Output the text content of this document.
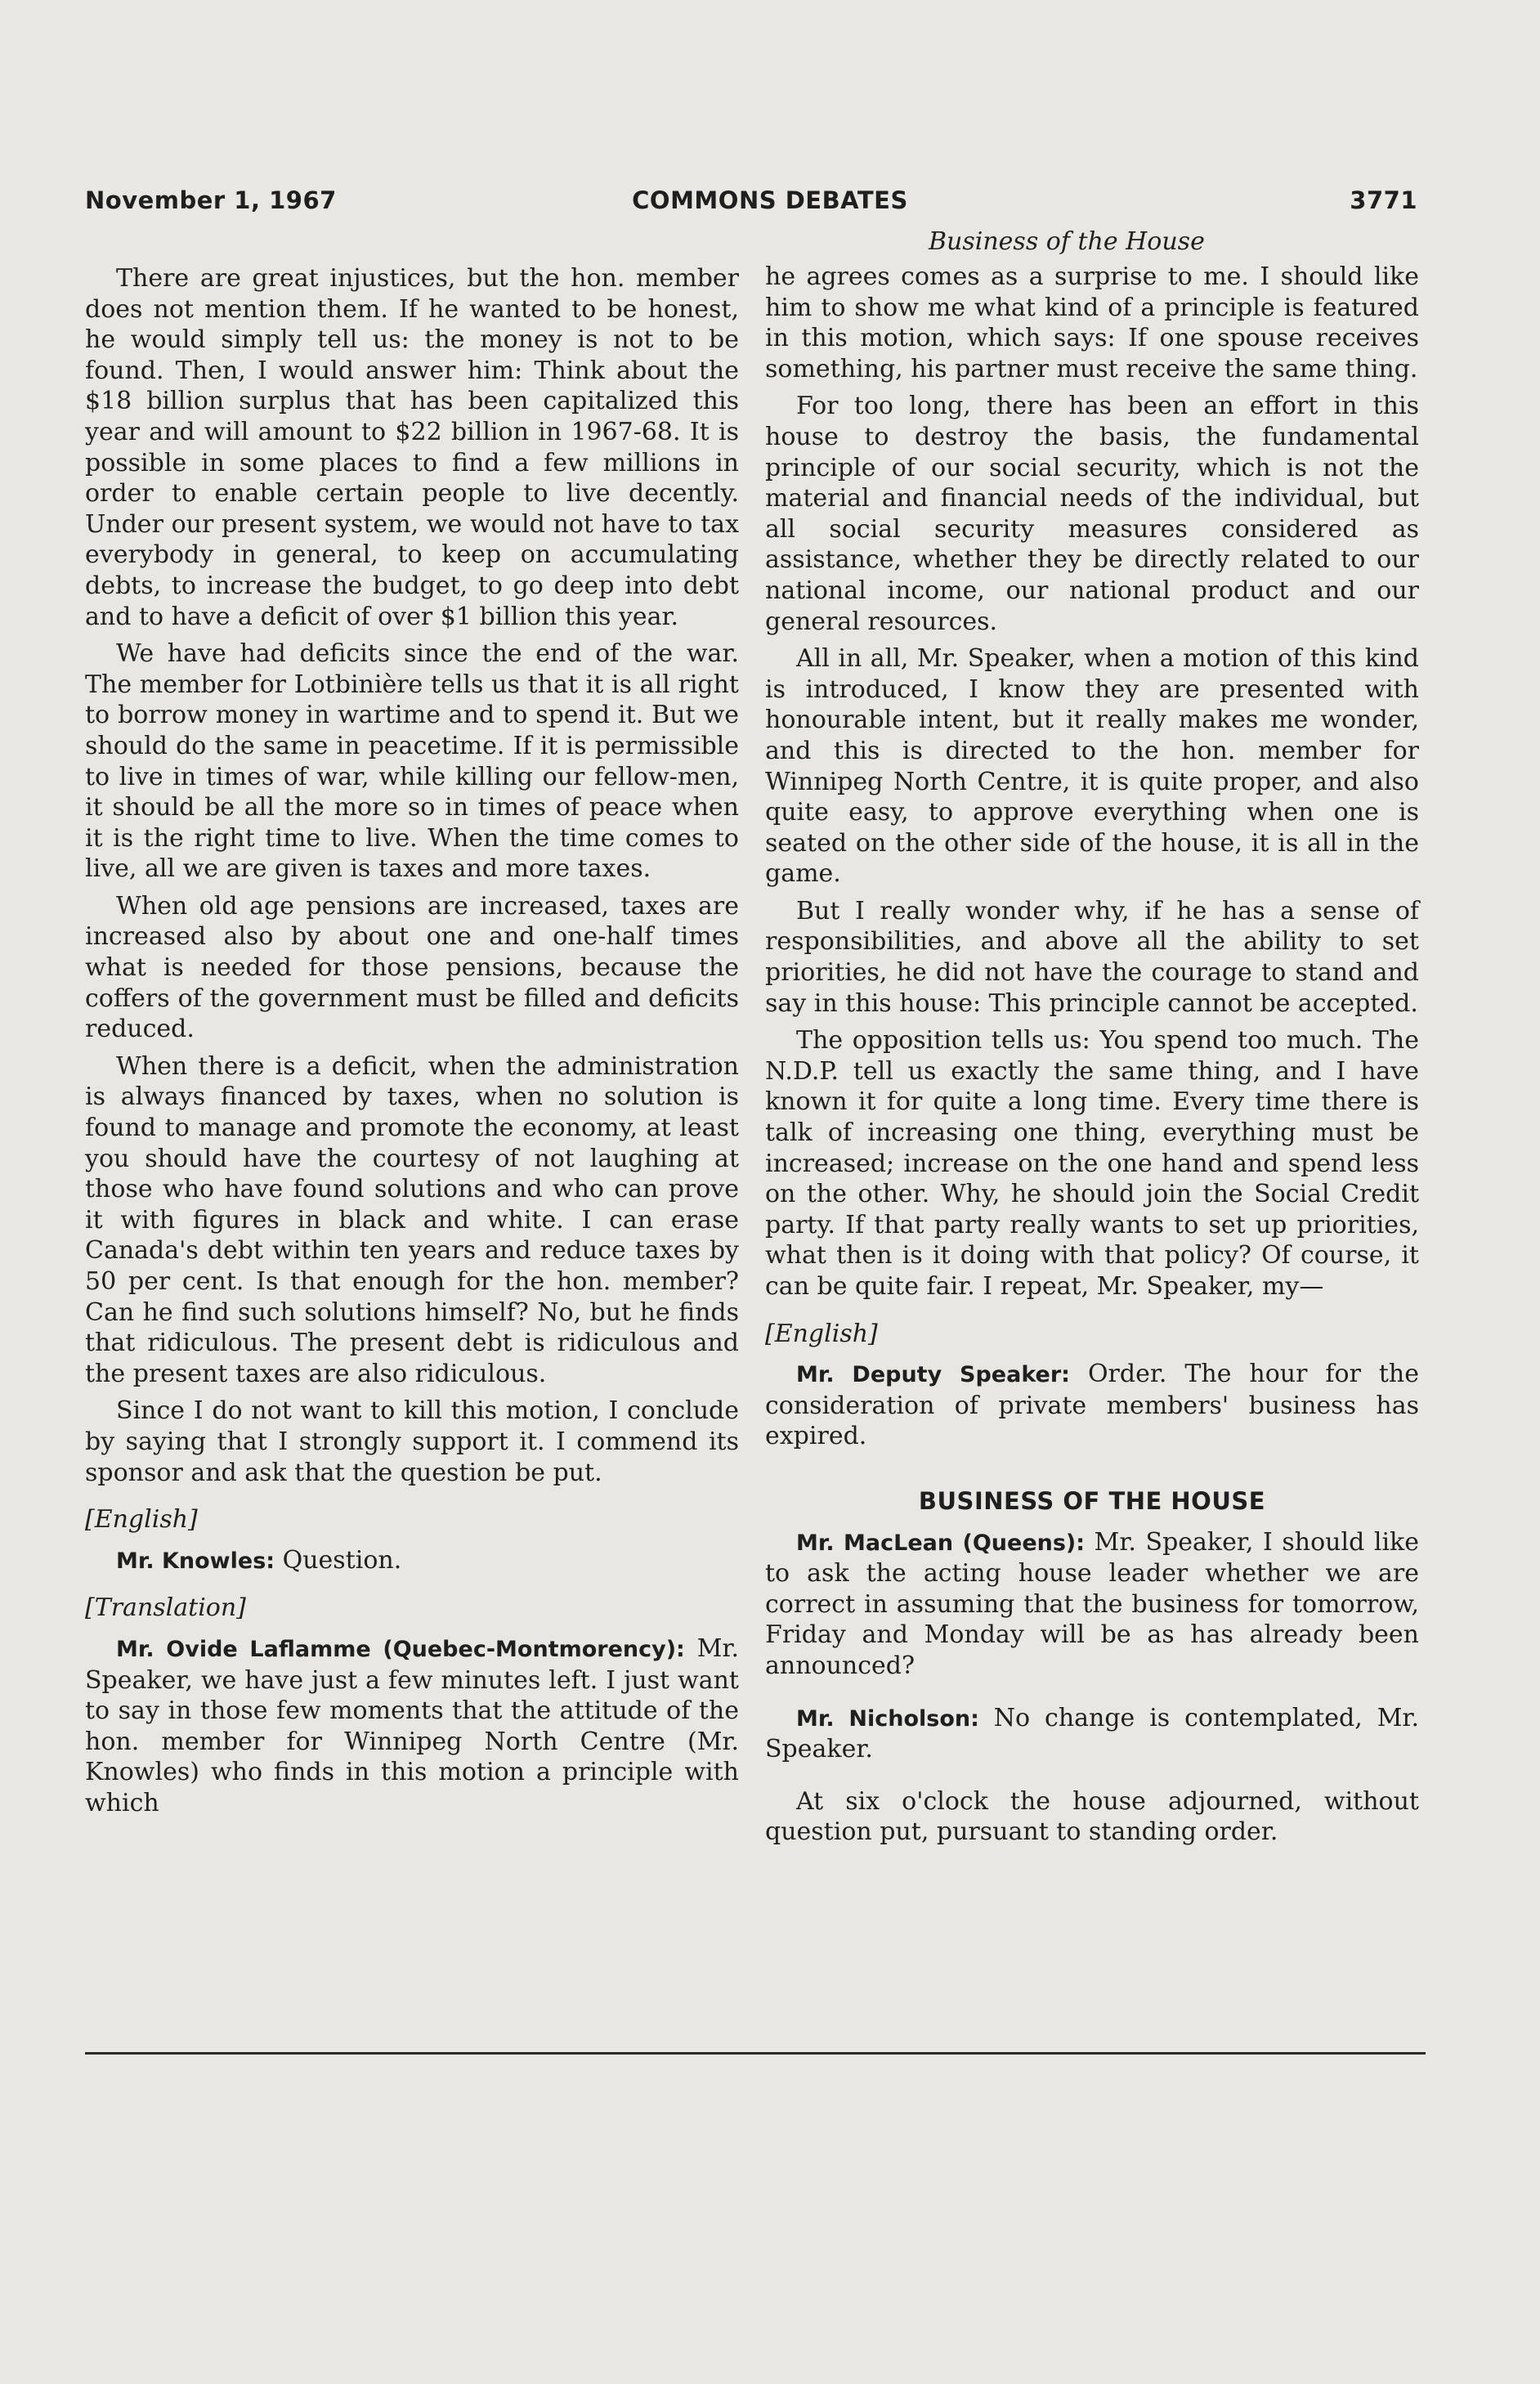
November 1, 1967	COMMONS DEBATES	3771
Business of the House

There are great injustices, but the hon. member does not mention them. If he wanted to be honest, he would simply tell us: the money is not to be found. Then, I would answer him: Think about the $18 billion surplus that has been capitalized this year and will amount to $22 billion in 1967-68. It is possible in some places to find a few millions in order to enable certain people to live decently. Under our present system, we would not have to tax everybody in general, to keep on accumulating debts, to increase the budget, to go deep into debt and to have a deficit of over $1 billion this year.

We have had deficits since the end of the war. The member for Lotbinière tells us that it is all right to borrow money in wartime and to spend it. But we should do the same in peacetime. If it is permissible to live in times of war, while killing our fellow-men, it should be all the more so in times of peace when it is the right time to live. When the time comes to live, all we are given is taxes and more taxes.

When old age pensions are increased, taxes are increased also by about one and one-half times what is needed for those pensions, because the coffers of the government must be filled and deficits reduced.

When there is a deficit, when the administration is always financed by taxes, when no solution is found to manage and promote the economy, at least you should have the courtesy of not laughing at those who have found solutions and who can prove it with figures in black and white. I can erase Canada's debt within ten years and reduce taxes by 50 per cent. Is that enough for the hon. member? Can he find such solutions himself? No, but he finds that ridiculous. The present debt is ridiculous and the present taxes are also ridiculous.

Since I do not want to kill this motion, I conclude by saying that I strongly support it. I commend its sponsor and ask that the question be put.

[English]

Mr. Knowles: Question.

[Translation]

Mr. Ovide Laflamme (Quebec-Montmorency): Mr. Speaker, we have just a few minutes left. I just want to say in those few moments that the attitude of the hon. member for Winnipeg North Centre (Mr. Knowles) who finds in this motion a principle with which

he agrees comes as a surprise to me. I should like him to show me what kind of a principle is featured in this motion, which says: If one spouse receives something, his partner must receive the same thing.

For too long, there has been an effort in this house to destroy the basis, the fundamental principle of our social security, which is not the material and financial needs of the individual, but all social security measures considered as assistance, whether they be directly related to our national income, our national product and our general resources.

All in all, Mr. Speaker, when a motion of this kind is introduced, I know they are presented with honourable intent, but it really makes me wonder, and this is directed to the hon. member for Winnipeg North Centre, it is quite proper, and also quite easy, to approve everything when one is seated on the other side of the house, it is all in the game.

But I really wonder why, if he has a sense of responsibilities, and above all the ability to set priorities, he did not have the courage to stand and say in this house: This principle cannot be accepted.

The opposition tells us: You spend too much. The N.D.P. tell us exactly the same thing, and I have known it for quite a long time. Every time there is talk of increasing one thing, everything must be increased; increase on the one hand and spend less on the other. Why, he should join the Social Credit party. If that party really wants to set up priorities, what then is it doing with that policy? Of course, it can be quite fair. I repeat, Mr. Speaker, my—

[English]

Mr. Deputy Speaker: Order. The hour for the consideration of private members' business has expired.

BUSINESS OF THE HOUSE

Mr. MacLean (Queens): Mr. Speaker, I should like to ask the acting house leader whether we are correct in assuming that the business for tomorrow, Friday and Monday will be as has already been announced?

Mr. Nicholson: No change is contemplated, Mr. Speaker.

At six o'clock the house adjourned, without question put, pursuant to standing order.
